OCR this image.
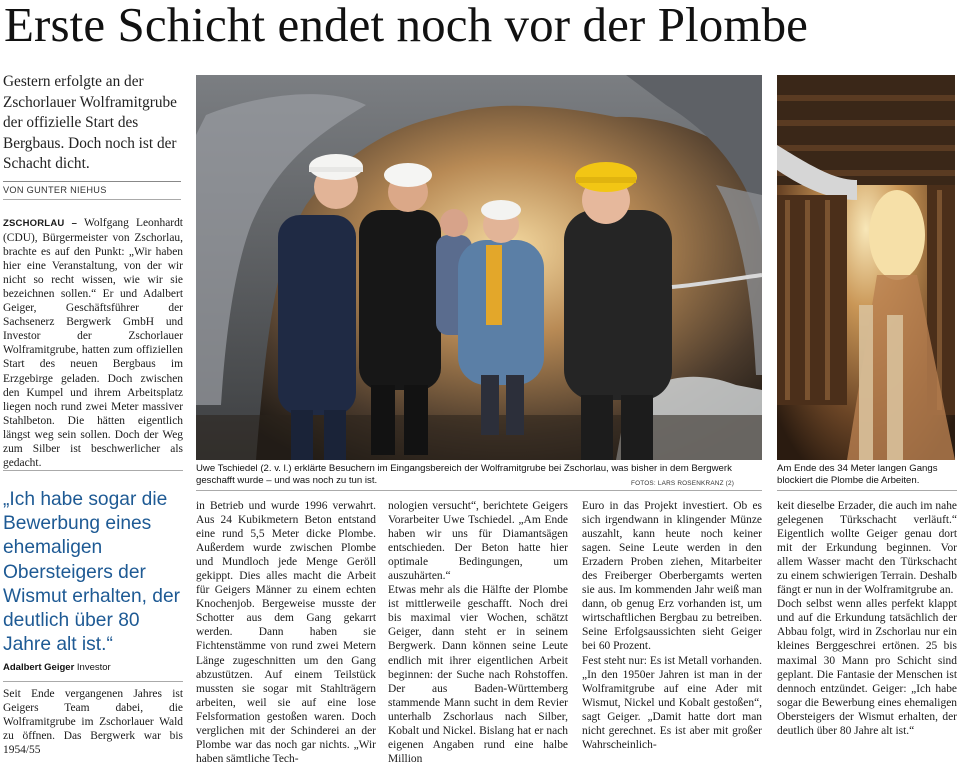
Erste Schicht endet noch vor der Plombe
Gestern erfolgte an der Zschorlauer Wolframitgrube der offizielle Start des Bergbaus. Doch noch ist der Schacht dicht.
VON GUNTER NIEHUS
ZSCHORLAU – Wolfgang Leonhardt (CDU), Bürgermeister von Zschorlau, brachte es auf den Punkt: „Wir haben hier eine Veranstaltung, von der wir nicht so recht wissen, wie wir sie bezeichnen sollen.“ Er und Adalbert Geiger, Geschäftsführer der Sachsenerz Bergwerk GmbH und Investor der Zschorlauer Wolframitgrube, hatten zum offiziellen Start des neuen Bergbaus im Erzgebirge geladen. Doch zwischen den Kumpel und ihrem Arbeitsplatz liegen noch rund zwei Meter massiver Stahlbeton. Die hätten eigentlich längst weg sein sollen. Doch der Weg zum Silber ist beschwerlicher als gedacht.
„Ich habe sogar die Bewerbung eines ehemaligen Obersteigers der Wismut erhalten, der deutlich über 80 Jahre alt ist.“
Adalbert Geiger Investor
Seit Ende vergangenen Jahres ist Geigers Team dabei, die Wolframitgrube im Zschorlauer Wald zu öffnen. Das Bergwerk war bis 1954/55
in Betrieb und wurde 1996 verwahrt. Aus 24 Kubikmetern Beton entstand eine rund 5,5 Meter dicke Plombe. Außerdem wurde zwischen Plombe und Mundloch jede Menge Geröll gekippt. Dies alles macht die Arbeit für Geigers Männer zu einem echten Knochenjob. Bergeweise musste der Schotter aus dem Gang gekarrt werden. Dann haben sie Fichtenstämme von rund zwei Metern Länge zugeschnitten um den Gang abzustützen. Auf einem Teilstück mussten sie sogar mit Stahlträgern arbeiten, weil sie auf eine lose Felsformation gestoßen waren. Doch verglichen mit der Schinderei an der Plombe war das noch gar nichts. „Wir haben sämtliche Tech-
nologien versucht“, berichtete Geigers Vorarbeiter Uwe Tschiedel. „Am Ende haben wir uns für Diamantsägen entschieden. Der Beton hatte hier optimale Bedingungen, um auszuhärten.“
Etwas mehr als die Hälfte der Plombe ist mittlerweile geschafft. Noch drei bis maximal vier Wochen, schätzt Geiger, dann steht er in seinem Bergwerk. Dann können seine Leute endlich mit ihrer eigentlichen Arbeit beginnen: der Suche nach Rohstoffen. Der aus Baden-Württemberg stammende Mann sucht in dem Revier unterhalb Zschorlaus nach Silber, Kobalt und Nickel. Bislang hat er nach eigenen Angaben rund eine halbe Million
Euro in das Projekt investiert. Ob es sich irgendwann in klingender Münze auszahlt, kann heute noch keiner sagen. Seine Leute werden in den Erzadern Proben ziehen, Mitarbeiter des Freiberger Oberbergamts werten sie aus. Im kommenden Jahr weiß man dann, ob genug Erz vorhanden ist, um wirtschaftlichen Bergbau zu betreiben. Seine Erfolgsaussichten sieht Geiger bei 60 Prozent.
Fest steht nur: Es ist Metall vorhanden. „In den 1950er Jahren ist man in der Wolframitgrube auf eine Ader mit Wismut, Nickel und Kobalt gestoßen“, sagt Geiger. „Damit hatte dort man nicht gerechnet. Es ist aber mit großer Wahrscheinlich-
keit dieselbe Erzader, die auch im nahe gelegenen Türkschacht verläuft.“ Eigentlich wollte Geiger genau dort mit der Erkundung beginnen. Vor allem Wasser macht den Türkschacht zu einem schwierigen Terrain. Deshalb fängt er nun in der Wolframitgrube an.
Doch selbst wenn alles perfekt klappt und auf die Erkundung tatsächlich der Abbau folgt, wird in Zschorlau nur ein kleines Berggeschrei ertönen. 25 bis maximal 30 Mann pro Schicht sind geplant. Die Fantasie der Menschen ist dennoch entzündet. Geiger: „Ich habe sogar die Bewerbung eines ehemaligen Obersteigers der Wismut erhalten, der deutlich über 80 Jahre alt ist.“
Uwe Tschiedel (2. v. l.) erklärte Besuchern im Eingangsbereich der Wolframitgrube bei Zschorlau, was bisher in dem Bergwerk geschafft wurde – und was noch zu tun ist.	FOTOS: LARS ROSENKRANZ (2)
Am Ende des 34 Meter langen Gangs blockiert die Plombe die Arbeiten.
